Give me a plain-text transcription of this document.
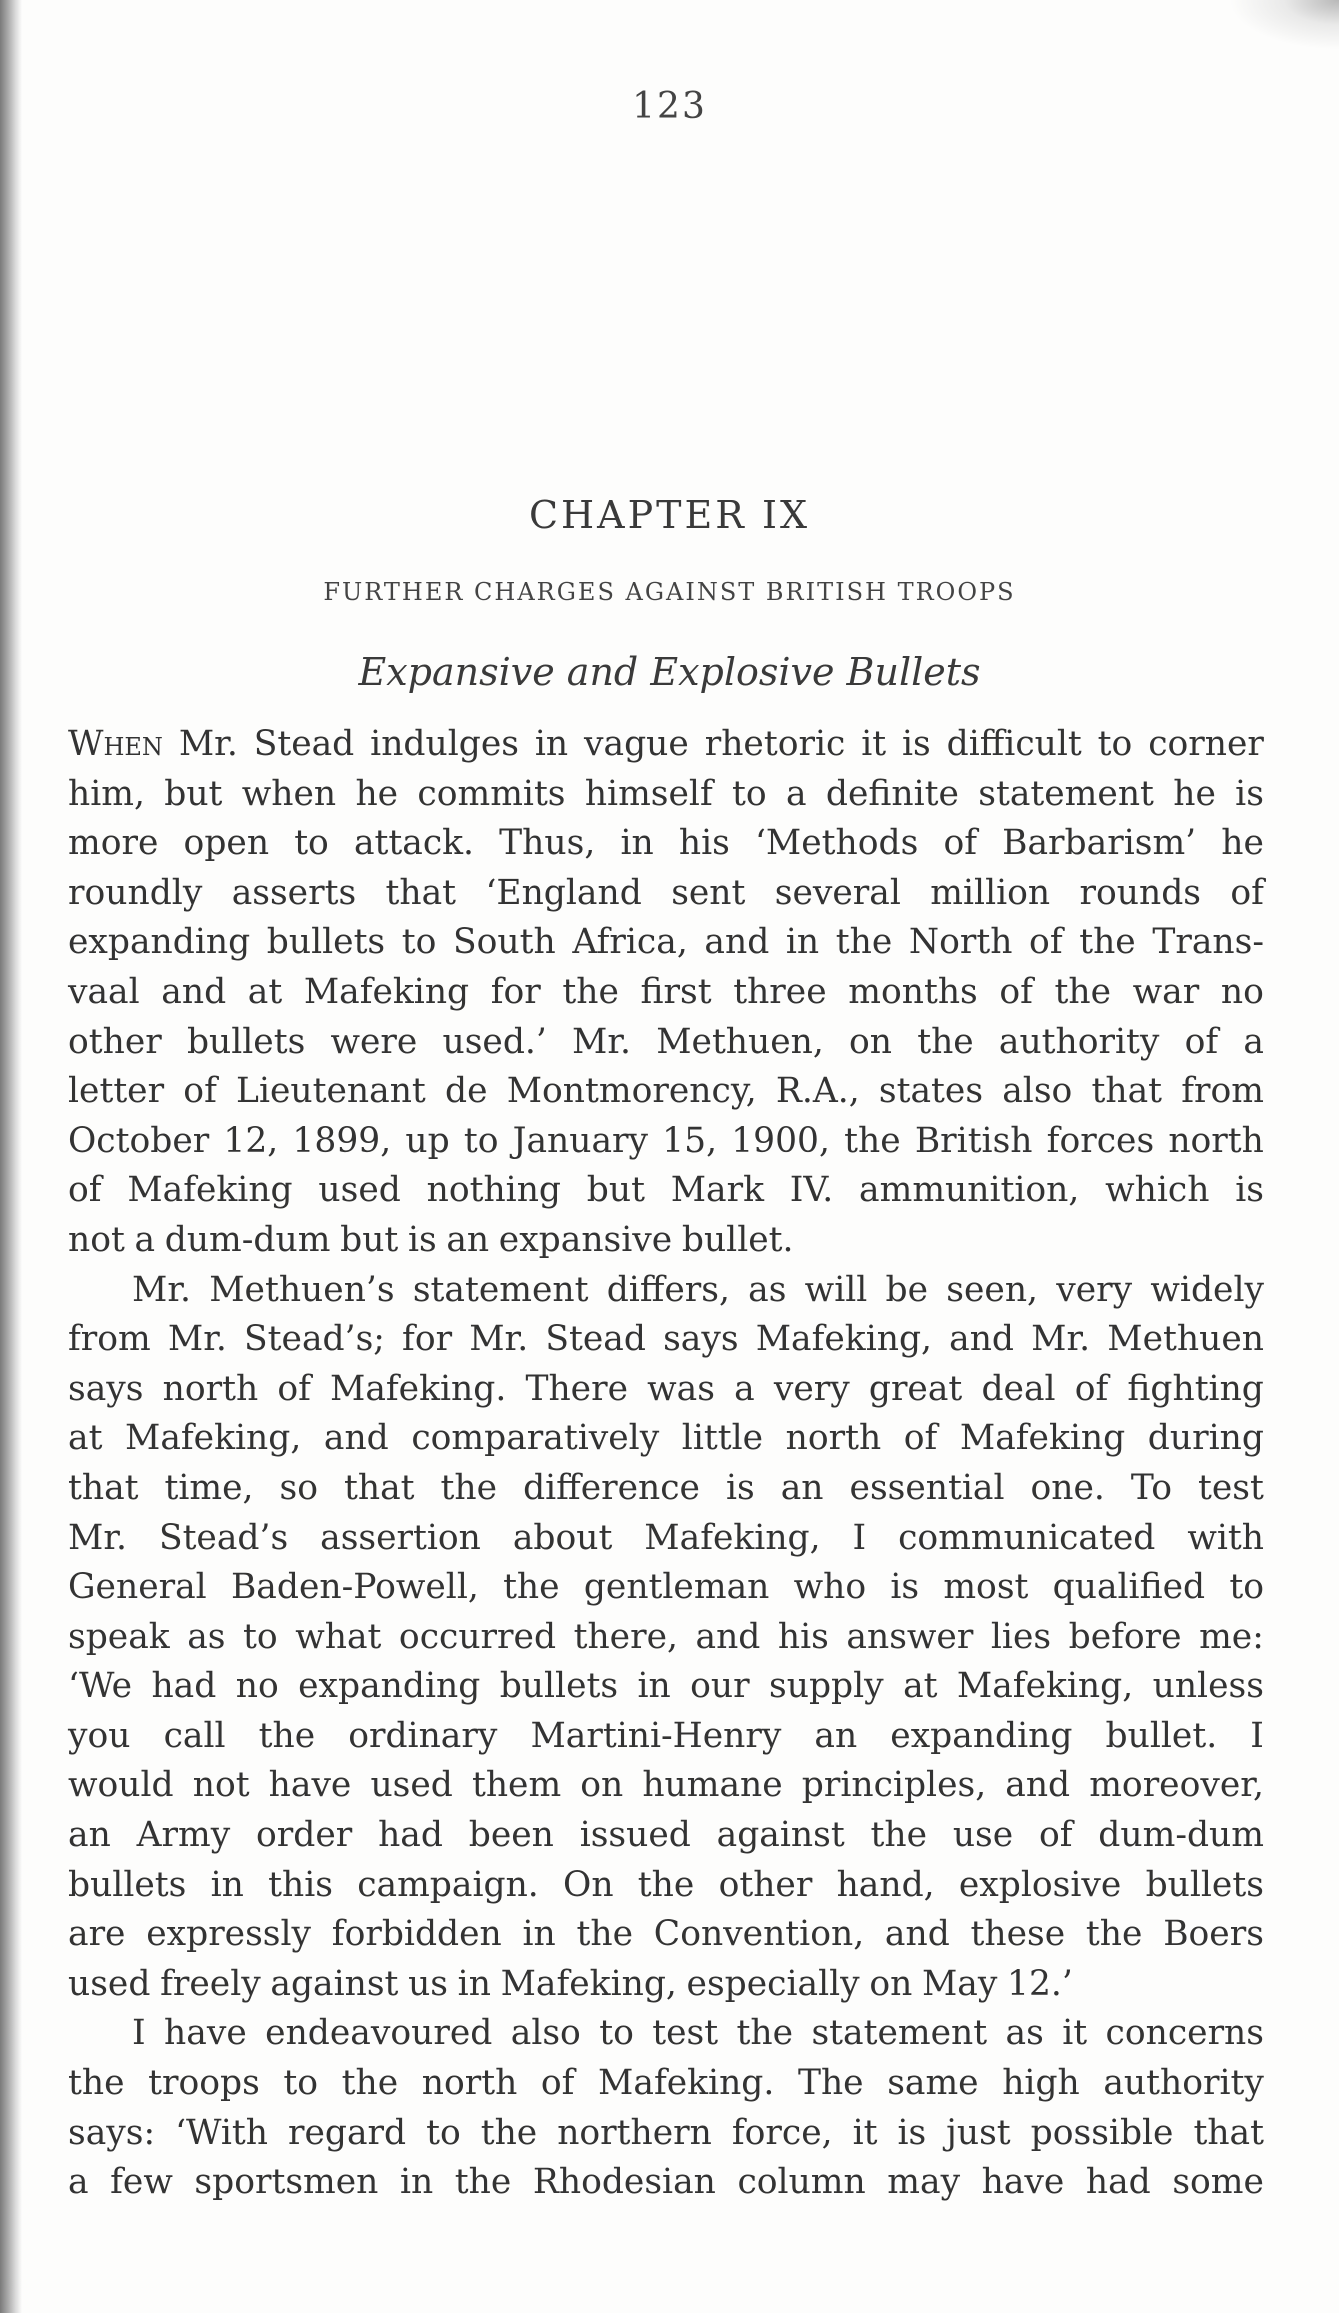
123
CHAPTER IX
FURTHER CHARGES AGAINST BRITISH TROOPS
Expansive and Explosive Bullets
When Mr. Stead indulges in vague rhetoric it is difficult to corner
him, but when he commits himself to a definite statement he is
more open to attack. Thus, in his ‘Methods of Barbarism’ he
roundly asserts that ‘England sent several million rounds of
expanding bullets to South Africa, and in the North of the Trans-
vaal and at Mafeking for the first three months of the war no
other bullets were used.’ Mr. Methuen, on the authority of a
letter of Lieutenant de Montmorency, R.A., states also that from
October 12, 1899, up to January 15, 1900, the British forces north
of Mafeking used nothing but Mark IV. ammunition, which is
not a dum-dum but is an expansive bullet.
Mr. Methuen’s statement differs, as will be seen, very widely
from Mr. Stead’s; for Mr. Stead says Mafeking, and Mr. Methuen
says north of Mafeking. There was a very great deal of fighting
at Mafeking, and comparatively little north of Mafeking during
that time, so that the difference is an essential one. To test
Mr. Stead’s assertion about Mafeking, I communicated with
General Baden-Powell, the gentleman who is most qualified to
speak as to what occurred there, and his answer lies before me:
‘We had no expanding bullets in our supply at Mafeking, unless
you call the ordinary Martini-Henry an expanding bullet. I
would not have used them on humane principles, and moreover,
an Army order had been issued against the use of dum-dum
bullets in this campaign. On the other hand, explosive bullets
are expressly forbidden in the Convention, and these the Boers
used freely against us in Mafeking, especially on May 12.’
I have endeavoured also to test the statement as it concerns
the troops to the north of Mafeking. The same high authority
says: ‘With regard to the northern force, it is just possible that
a few sportsmen in the Rhodesian column may have had some
